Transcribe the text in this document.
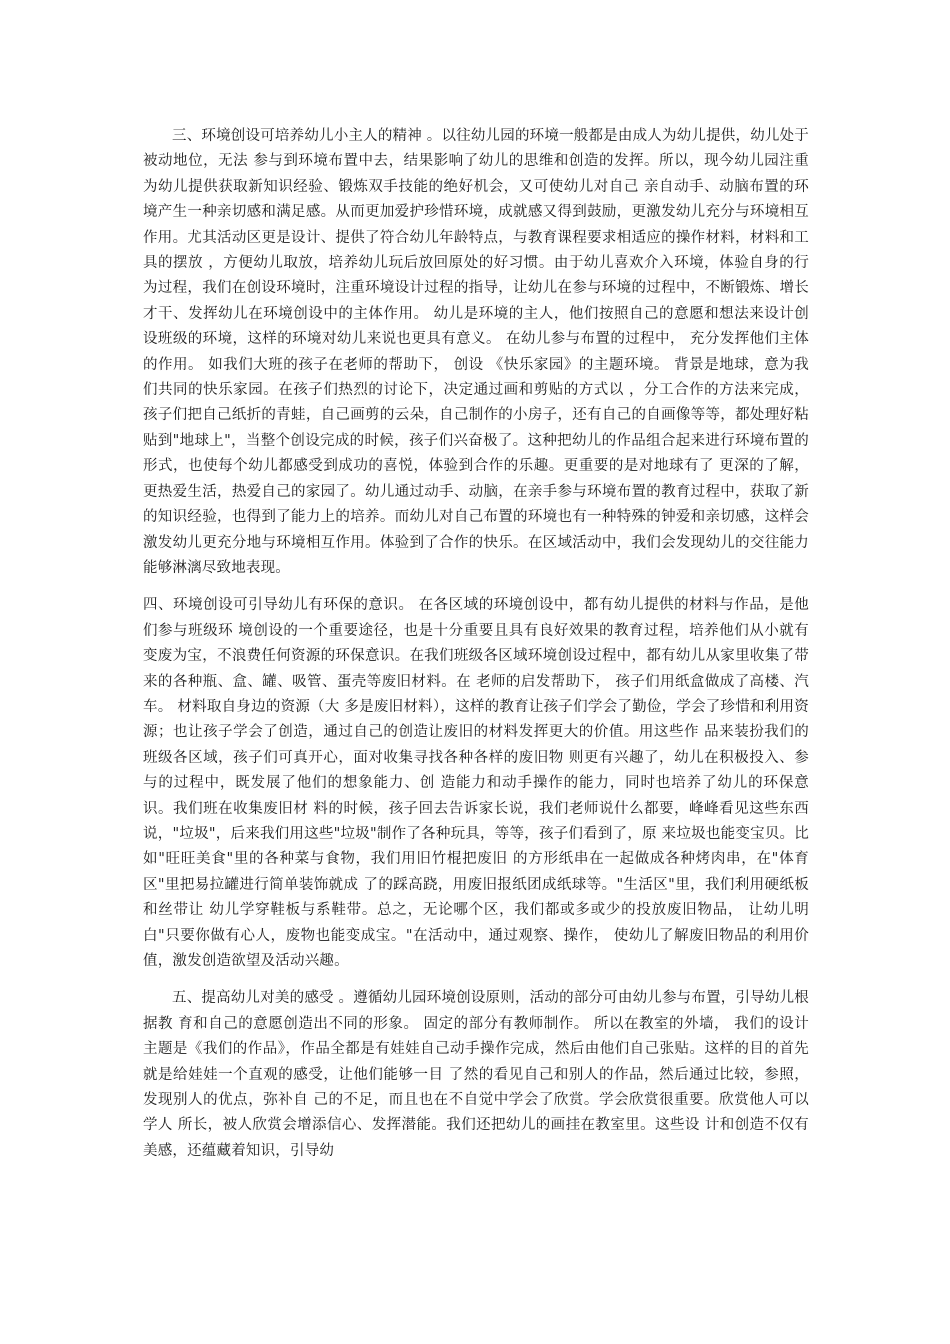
三、环境创设可培养幼儿小主人的精神 。以往幼儿园的环境一般都是由成人为幼儿提供，幼儿处于被动地位，无法 参与到环境布置中去，结果影响了幼儿的思维和创造的发挥。所以，现今幼儿园注重为幼儿提供获取新知识经验、锻炼双手技能的绝好机会，又可使幼儿对自己 亲自动手、动脑布置的环境产生一种亲切感和满足感。从而更加爱护珍惜环境，成就感又得到鼓励，更激发幼儿充分与环境相互作用。尤其活动区更是设计、提供了符合幼儿年龄特点，与教育课程要求相适应的操作材料，材料和工具的摆放 ，方便幼儿取放，培养幼儿玩后放回原处的好习惯。由于幼儿喜欢介入环境，体验自身的行为过程，我们在创设环境时，注重环境设计过程的指导，让幼儿在参与环境的过程中，不断锻炼、增长才干、发挥幼儿在环境创设中的主体作用。 幼儿是环境的主人，他们按照自己的意愿和想法来设计创设班级的环境，这样的环境对幼儿来说也更具有意义。 在幼儿参与布置的过程中， 充分发挥他们主体的作用。 如我们大班的孩子在老师的帮助下， 创设 《快乐家园》的主题环境。 背景是地球，意为我们共同的快乐家园。在孩子们热烈的讨论下，决定通过画和剪贴的方式以 ，分工合作的方法来完成，孩子们把自己纸折的青蛙，自己画剪的云朵，自己制作的小房子，还有自己的自画像等等，都处理好粘贴到"地球上"，当整个创设完成的时候，孩子们兴奋极了。这种把幼儿的作品组合起来进行环境布置的形式，也使每个幼儿都感受到成功的喜悦，体验到合作的乐趣。更重要的是对地球有了 更深的了解，更热爱生活，热爱自己的家园了。幼儿通过动手、动脑，在亲手参与环境布置的教育过程中，获取了新的知识经验，也得到了能力上的培养。而幼儿对自己布置的环境也有一种特殊的钟爱和亲切感，这样会激发幼儿更充分地与环境相互作用。体验到了合作的快乐。在区域活动中，我们会发现幼儿的交往能力能够淋漓尽致地表现。

四、环境创设可引导幼儿有环保的意识。 在各区域的环境创设中，都有幼儿提供的材料与作品，是他们参与班级环 境创设的一个重要途径，也是十分重要且具有良好效果的教育过程，培养他们从小就有变废为宝，不浪费任何资源的环保意识。在我们班级各区域环境创设过程中，都有幼儿从家里收集了带来的各种瓶、盒、罐、吸管、蛋壳等废旧材料。在 老师的启发帮助下， 孩子们用纸盒做成了高楼、汽车。 材料取自身边的资源（大 多是废旧材料），这样的教育让孩子们学会了勤俭，学会了珍惜和利用资源；也让孩子学会了创造，通过自己的创造让废旧的材料发挥更大的价值。用这些作 品来装扮我们的班级各区域，孩子们可真开心，面对收集寻找各种各样的废旧物 则更有兴趣了，幼儿在积极投入、参与的过程中，既发展了他们的想象能力、创 造能力和动手操作的能力，同时也培养了幼儿的环保意识。我们班在收集废旧材 料的时候，孩子回去告诉家长说，我们老师说什么都要，峰峰看见这些东西说，"垃圾"，后来我们用这些"垃圾"制作了各种玩具，等等，孩子们看到了，原 来垃圾也能变宝贝。比如"旺旺美食"里的各种菜与食物，我们用旧竹棍把废旧 的方形纸串在一起做成各种烤肉串，在"体育区"里把易拉罐进行简单装饰就成 了的踩高跷，用废旧报纸团成纸球等。"生活区"里，我们利用硬纸板和丝带让 幼儿学穿鞋板与系鞋带。总之，无论哪个区，我们都或多或少的投放废旧物品， 让幼儿明白"只要你做有心人，废物也能变成宝。"在活动中，通过观察、操作， 使幼儿了解废旧物品的利用价值，激发创造欲望及活动兴趣。

五、提高幼儿对美的感受 。遵循幼儿园环境创设原则，活动的部分可由幼儿参与布置，引导幼儿根据教 育和自己的意愿创造出不同的形象。 固定的部分有教师制作。 所以在教室的外墙， 我们的设计主题是《我们的作品》，作品全都是有娃娃自己动手操作完成，然后由他们自己张贴。这样的目的首先就是给娃娃一个直观的感受，让他们能够一目 了然的看见自己和别人的作品，然后通过比较，参照，发现别人的优点，弥补自 己的不足，而且也在不自觉中学会了欣赏。学会欣赏很重要。欣赏他人可以学人 所长，被人欣赏会增添信心、发挥潜能。我们还把幼儿的画挂在教室里。这些设 计和创造不仅有美感，还蕴藏着知识，引导幼
